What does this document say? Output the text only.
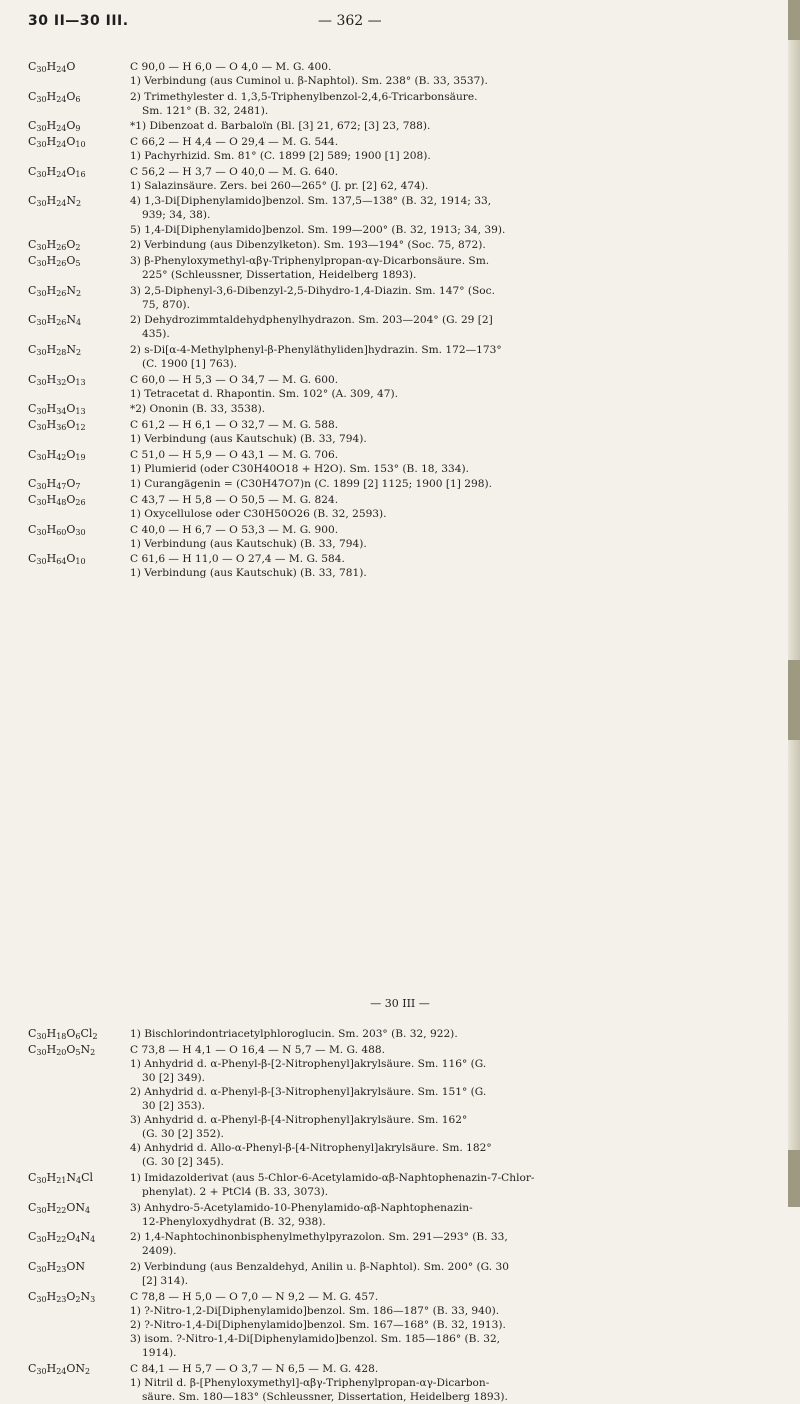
30 II—30 III.	— 362 —
$C_{30}H_{24}O$	C 90,0 — H 6,0 — O 4,0 — M. G. 400.
1) Verbindung (aus Cuminol u. β-Naphtol). Sm. 238° (B. 33, 3537).
$C_{30}H_{24}O_6$	2) Trimethylester d. 1,3,5-Triphenylbenzol-2,4,6-Tricarbonsäure.
Sm. 121° (B. 32, 2481).
$C_{30}H_{24}O_9$	*1) Dibenzoat d. Barbaloïn (Bl. [3] 21, 672; [3] 23, 788).
$C_{30}H_{24}O_{10}$	C 66,2 — H 4,4 — O 29,4 — M. G. 544.
1) Pachyrhizid. Sm. 81° (C. 1899 [2] 589; 1900 [1] 208).
$C_{30}H_{24}O_{16}$	C 56,2 — H 3,7 — O 40,0 — M. G. 640.
1) Salazinsäure. Zers. bei 260—265° (J. pr. [2] 62, 474).
$C_{30}H_{24}N_2$	4) 1,3-Di[Diphenylamido]benzol. Sm. 137,5—138° (B. 32, 1914; 33,
939; 34, 38).
5) 1,4-Di[Diphenylamido]benzol. Sm. 199—200° (B. 32, 1913; 34, 39).
$C_{30}H_{26}O_2$	2) Verbindung (aus Dibenzylketon). Sm. 193—194° (Soc. 75, 872).
$C_{30}H_{26}O_5$	3) β-Phenyloxymethyl-αβγ-Triphenylpropan-αγ-Dicarbonsäure. Sm.
225° (Schleussner, Dissertation, Heidelberg 1893).
$C_{30}H_{26}N_2$	3) 2,5-Diphenyl-3,6-Dibenzyl-2,5-Dihydro-1,4-Diazin. Sm. 147° (Soc.
75, 870).
$C_{30}H_{26}N_4$	2) Dehydrozimmtaldehydphenylhydrazon. Sm. 203—204° (G. 29 [2]
435).
$C_{30}H_{28}N_2$	2) s-Di[α-4-Methylphenyl-β-Phenyläthyliden]hydrazin. Sm. 172—173°
(C. 1900 [1] 763).
$C_{30}H_{32}O_{13}$	C 60,0 — H 5,3 — O 34,7 — M. G. 600.
1) Tetracetat d. Rhapontin. Sm. 102° (A. 309, 47).
$C_{30}H_{34}O_{13}$	*2) Ononin (B. 33, 3538).
$C_{30}H_{36}O_{12}$	C 61,2 — H 6,1 — O 32,7 — M. G. 588.
1) Verbindung (aus Kautschuk) (B. 33, 794).
$C_{30}H_{42}O_{19}$	C 51,0 — H 5,9 — O 43,1 — M. G. 706.
1) Plumierid (oder C30H40O18 + H2O). Sm. 153° (B. 18, 334).
$C_{30}H_{47}O_7$	1) Curangägenin = (C30H47O7)n (C. 1899 [2] 1125; 1900 [1] 298).
$C_{30}H_{48}O_{26}$	C 43,7 — H 5,8 — O 50,5 — M. G. 824.
1) Oxycellulose oder C30H50O26 (B. 32, 2593).
$C_{30}H_{60}O_{30}$	C 40,0 — H 6,7 — O 53,3 — M. G. 900.
1) Verbindung (aus Kautschuk) (B. 33, 794).
$C_{30}H_{64}O_{10}$	C 61,6 — H 11,0 — O 27,4 — M. G. 584.
1) Verbindung (aus Kautschuk) (B. 33, 781).
$C_{30}H_{18}O_6Cl_2$	1) Bischlorindontriacetylphloroglucin. Sm. 203° (B. 32, 922).
$C_{30}H_{20}O_5N_2$	C 73,8 — H 4,1 — O 16,4 — N 5,7 — M. G. 488.
1) Anhydrid d. α-Phenyl-β-[2-Nitrophenyl]akrylsäure. Sm. 116° (G.
30 [2] 349).
2) Anhydrid d. α-Phenyl-β-[3-Nitrophenyl]akrylsäure. Sm. 151° (G.
30 [2] 353).
3) Anhydrid d. α-Phenyl-β-[4-Nitrophenyl]akrylsäure. Sm. 162°
(G. 30 [2] 352).
4) Anhydrid d. Allo-α-Phenyl-β-[4-Nitrophenyl]akrylsäure. Sm. 182°
(G. 30 [2] 345).
$C_{30}H_{21}N_4Cl$	1) Imidazolderivat (aus 5-Chlor-6-Acetylamido-αβ-Naphtophenazin-7-Chlor-
phenylat). 2 + PtCl4 (B. 33, 3073).
$C_{30}H_{22}ON_4$	3) Anhydro-5-Acetylamido-10-Phenylamido-αβ-Naphtophenazin-
12-Phenyloxydhydrat (B. 32, 938).
$C_{30}H_{22}O_4N_4$	2) 1,4-Naphtochinonbisphenylmethylpyrazolon. Sm. 291—293° (B. 33,
2409).
$C_{30}H_{23}ON$	2) Verbindung (aus Benzaldehyd, Anilin u. β-Naphtol). Sm. 200° (G. 30
[2] 314).
$C_{30}H_{23}O_2N_3$	C 78,8 — H 5,0 — O 7,0 — N 9,2 — M. G. 457.
1) ?-Nitro-1,2-Di[Diphenylamido]benzol. Sm. 186—187° (B. 33, 940).
2) ?-Nitro-1,4-Di[Diphenylamido]benzol. Sm. 167—168° (B. 32, 1913).
3) isom. ?-Nitro-1,4-Di[Diphenylamido]benzol. Sm. 185—186° (B. 32,
1914).
$C_{30}H_{24}ON_2$	C 84,1 — H 5,7 — O 3,7 — N 6,5 — M. G. 428.
1) Nitril d. β-[Phenyloxymethyl]-αβγ-Triphenylpropan-αγ-Dicarbon-
säure. Sm. 180—183° (Schleussner, Dissertation, Heidelberg 1893).
— 30 III —
